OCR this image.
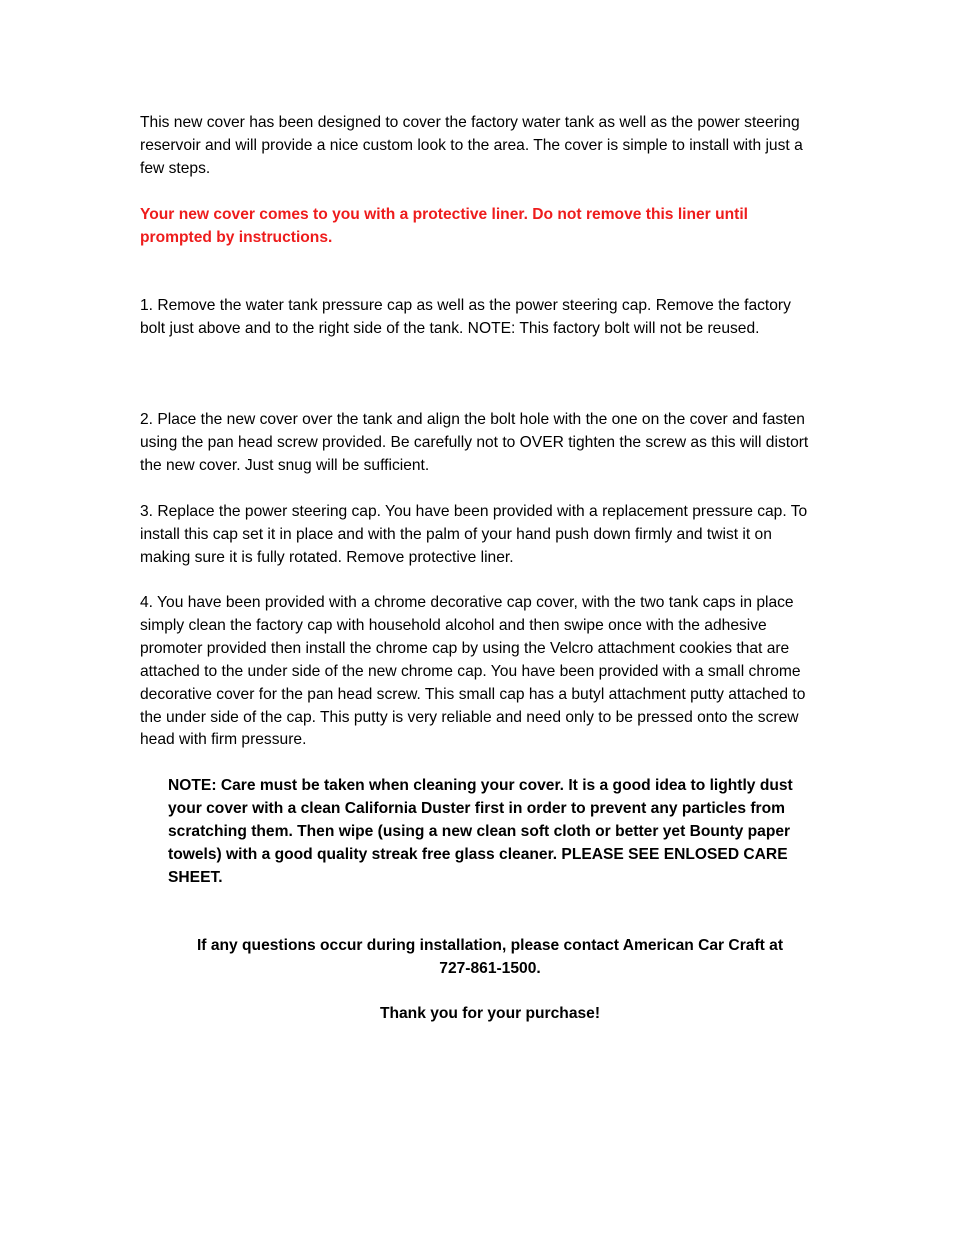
This new cover has been designed to cover the factory water tank as well as the power steering reservoir and will provide a nice custom look to the area. The cover is simple to install with just a few steps.

Your new cover comes to you with a protective liner. Do not remove this liner until prompted by instructions.

1. Remove the water tank pressure cap as well as the power steering cap. Remove the factory bolt just above and to the right side of the tank. NOTE: This factory bolt will not be reused.

2. Place the new cover over the tank and align the bolt hole with the one on the cover and fasten using the pan head screw provided. Be carefully not to OVER tighten the screw as this will distort the new cover. Just snug will be sufficient.

3. Replace the power steering cap. You have been provided with a replacement pressure cap. To install this cap set it in place and with the palm of your hand push down firmly and twist it on making sure it is fully rotated. Remove protective liner.

4. You have been provided with a chrome decorative cap cover, with the two tank caps in place simply clean the factory cap with household alcohol and then swipe once with the adhesive promoter provided then install the chrome cap by using the Velcro attachment cookies that are attached to the under side of the new chrome cap. You have been provided with a small chrome decorative cover for the pan head screw. This small cap has a butyl attachment putty attached to the under side of the cap. This putty is very reliable and need only to be pressed onto the screw head with firm pressure.

NOTE: Care must be taken when cleaning your cover. It is a good idea to lightly dust your cover with a clean California Duster first in order to prevent any particles from scratching them. Then wipe (using a new clean soft cloth or better yet Bounty paper towels) with a good quality streak free glass cleaner. PLEASE SEE ENLOSED CARE SHEET.

If any questions occur during installation, please contact American Car Craft at

727-861-1500.

Thank you for your purchase!
